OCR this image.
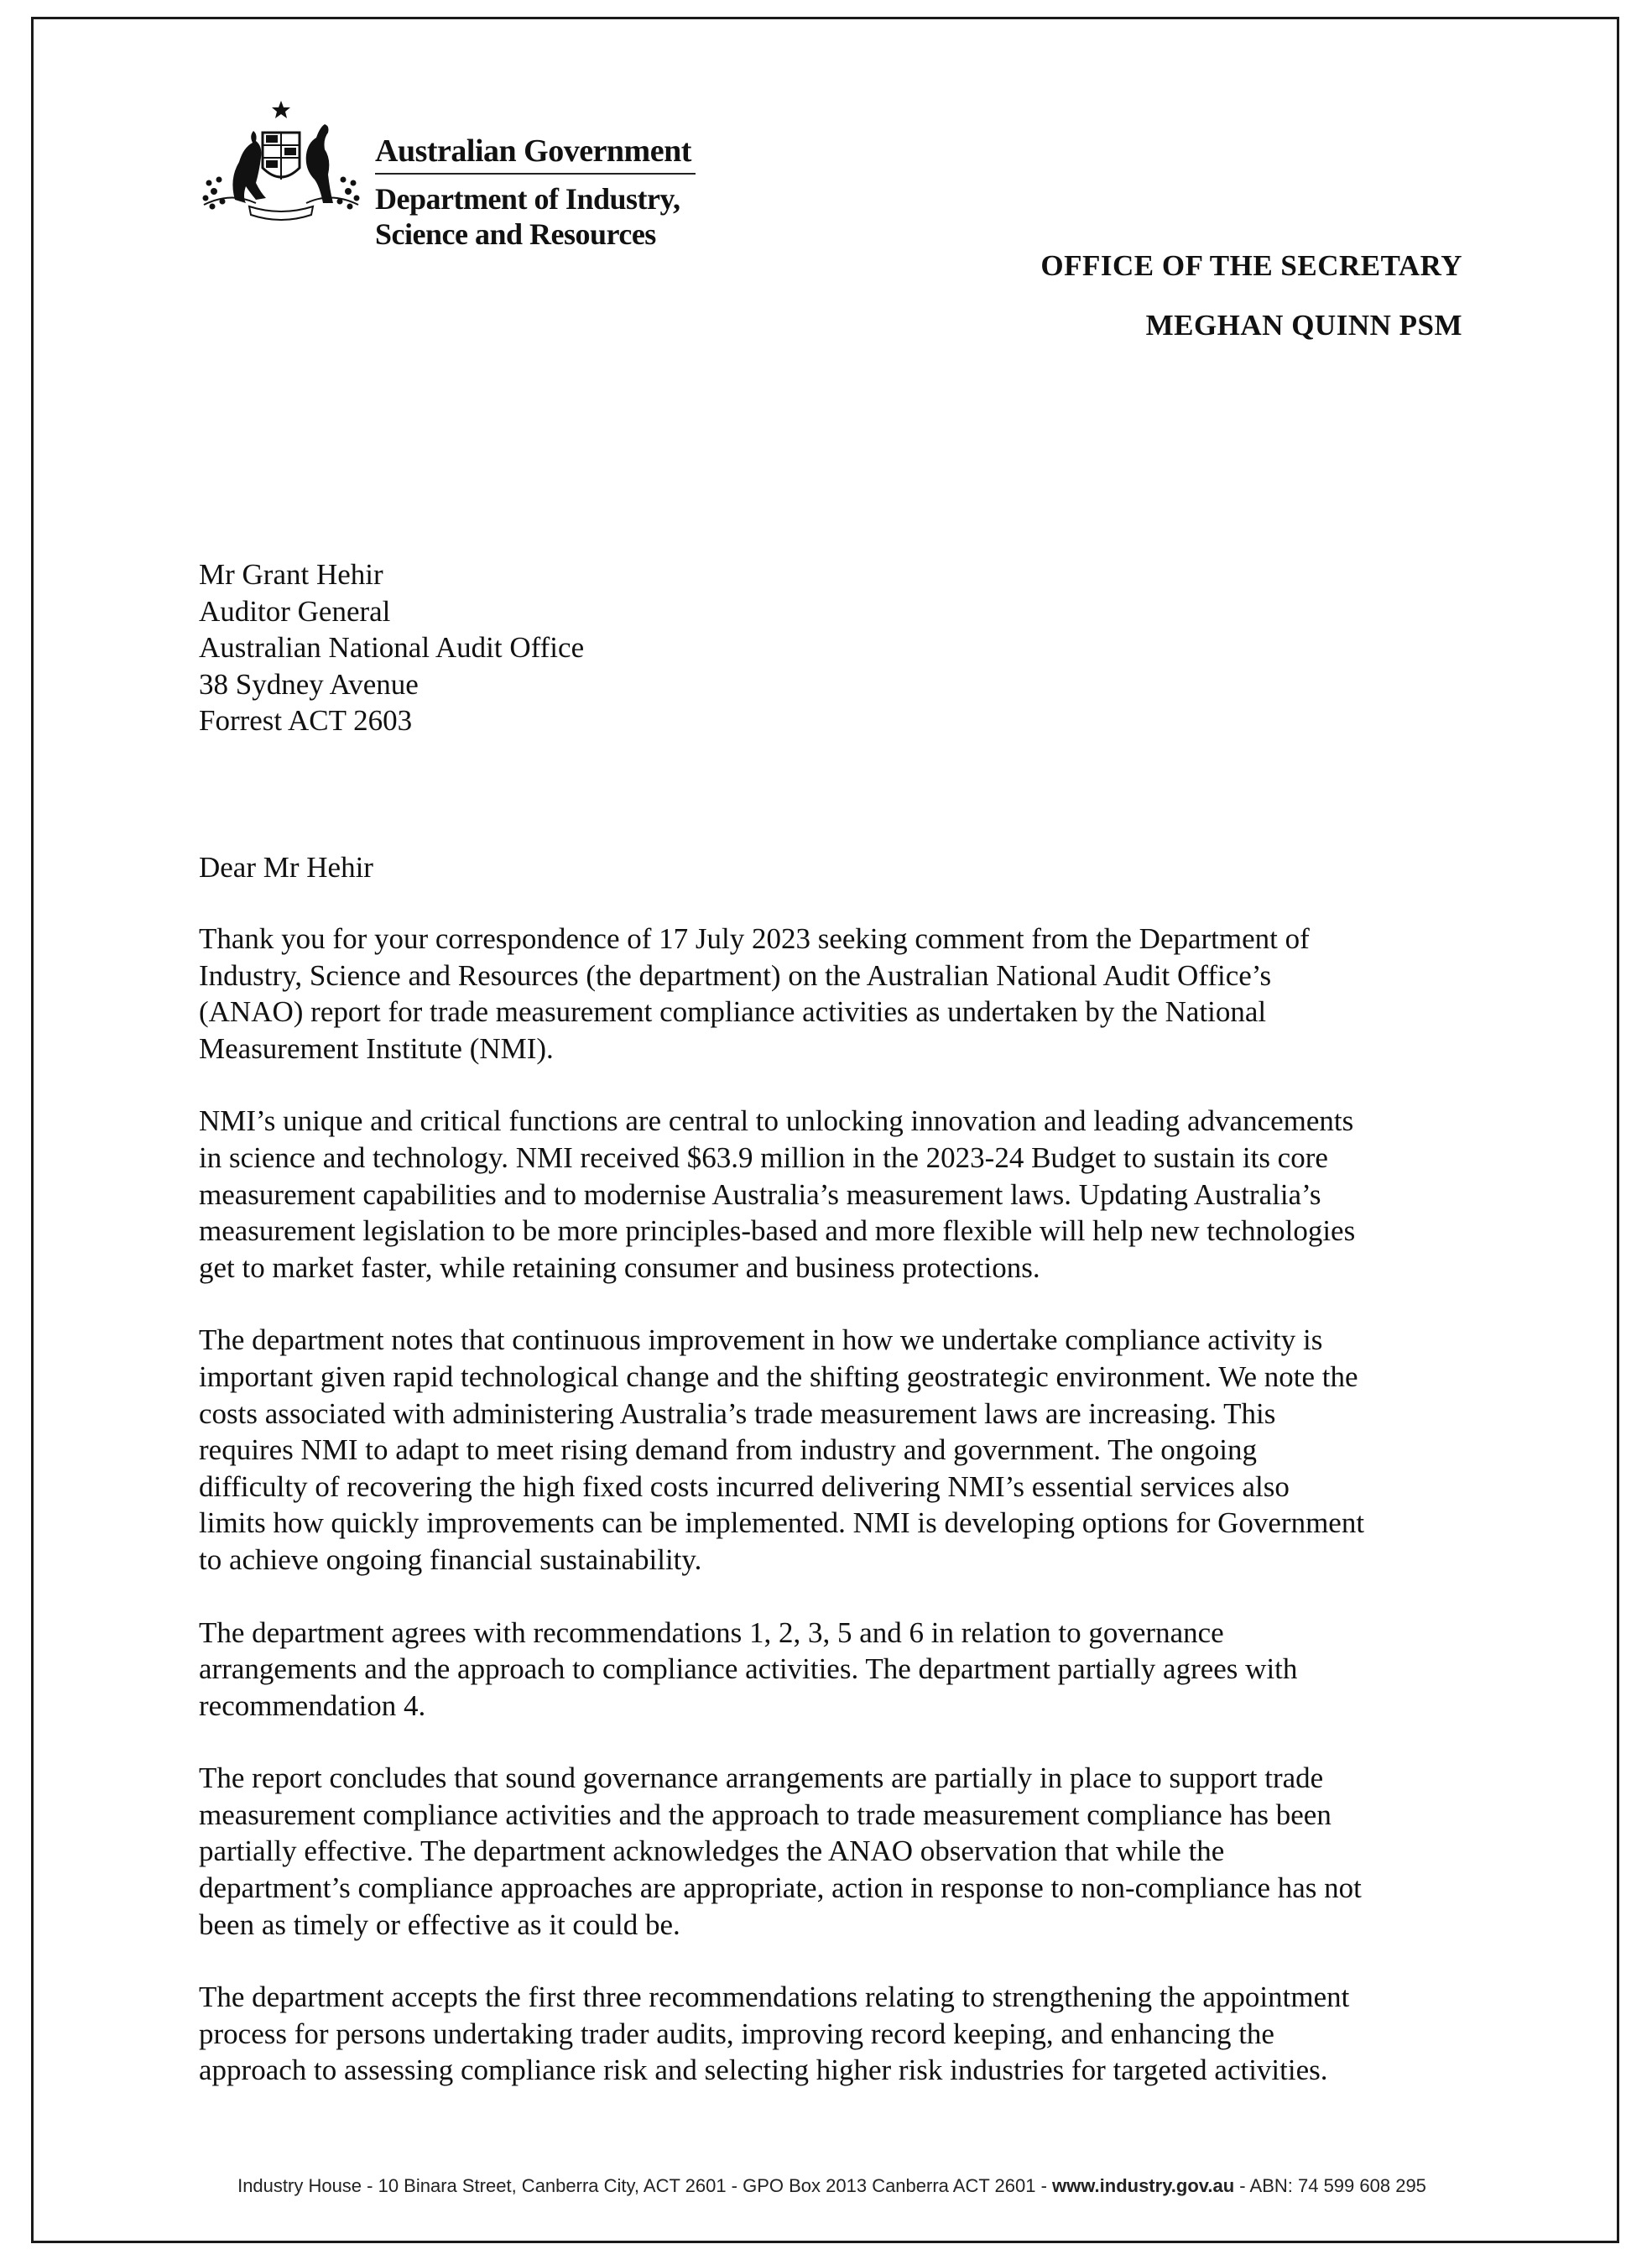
Australian Government
Department of Industry,
Science and Resources
OFFICE OF THE SECRETARY
MEGHAN QUINN PSM
Mr Grant Hehir
Auditor General
Australian National Audit Office
38 Sydney Avenue
Forrest ACT 2603
Dear Mr Hehir
Thank you for your correspondence of 17 July 2023 seeking comment from the Department of
Industry, Science and Resources (the department) on the Australian National Audit Office’s
(ANAO) report for trade measurement compliance activities as undertaken by the National
Measurement Institute (NMI).
NMI’s unique and critical functions are central to unlocking innovation and leading advancements
in science and technology. NMI received $63.9 million in the 2023-24 Budget to sustain its core
measurement capabilities and to modernise Australia’s measurement laws. Updating Australia’s
measurement legislation to be more principles-based and more flexible will help new technologies
get to market faster, while retaining consumer and business protections.
The department notes that continuous improvement in how we undertake compliance activity is
important given rapid technological change and the shifting geostrategic environment. We note the
costs associated with administering Australia’s trade measurement laws are increasing. This
requires NMI to adapt to meet rising demand from industry and government. The ongoing
difficulty of recovering the high fixed costs incurred delivering NMI’s essential services also
limits how quickly improvements can be implemented. NMI is developing options for Government
to achieve ongoing financial sustainability.
The department agrees with recommendations 1, 2, 3, 5 and 6 in relation to governance
arrangements and the approach to compliance activities. The department partially agrees with
recommendation 4.
The report concludes that sound governance arrangements are partially in place to support trade
measurement compliance activities and the approach to trade measurement compliance has been
partially effective. The department acknowledges the ANAO observation that while the
department’s compliance approaches are appropriate, action in response to non-compliance has not
been as timely or effective as it could be.
The department accepts the first three recommendations relating to strengthening the appointment
process for persons undertaking trader audits, improving record keeping, and enhancing the
approach to assessing compliance risk and selecting higher risk industries for targeted activities.
Industry House - 10 Binara Street, Canberra City, ACT 2601 - GPO Box 2013 Canberra ACT 2601 - www.industry.gov.au - ABN: 74 599 608 295
